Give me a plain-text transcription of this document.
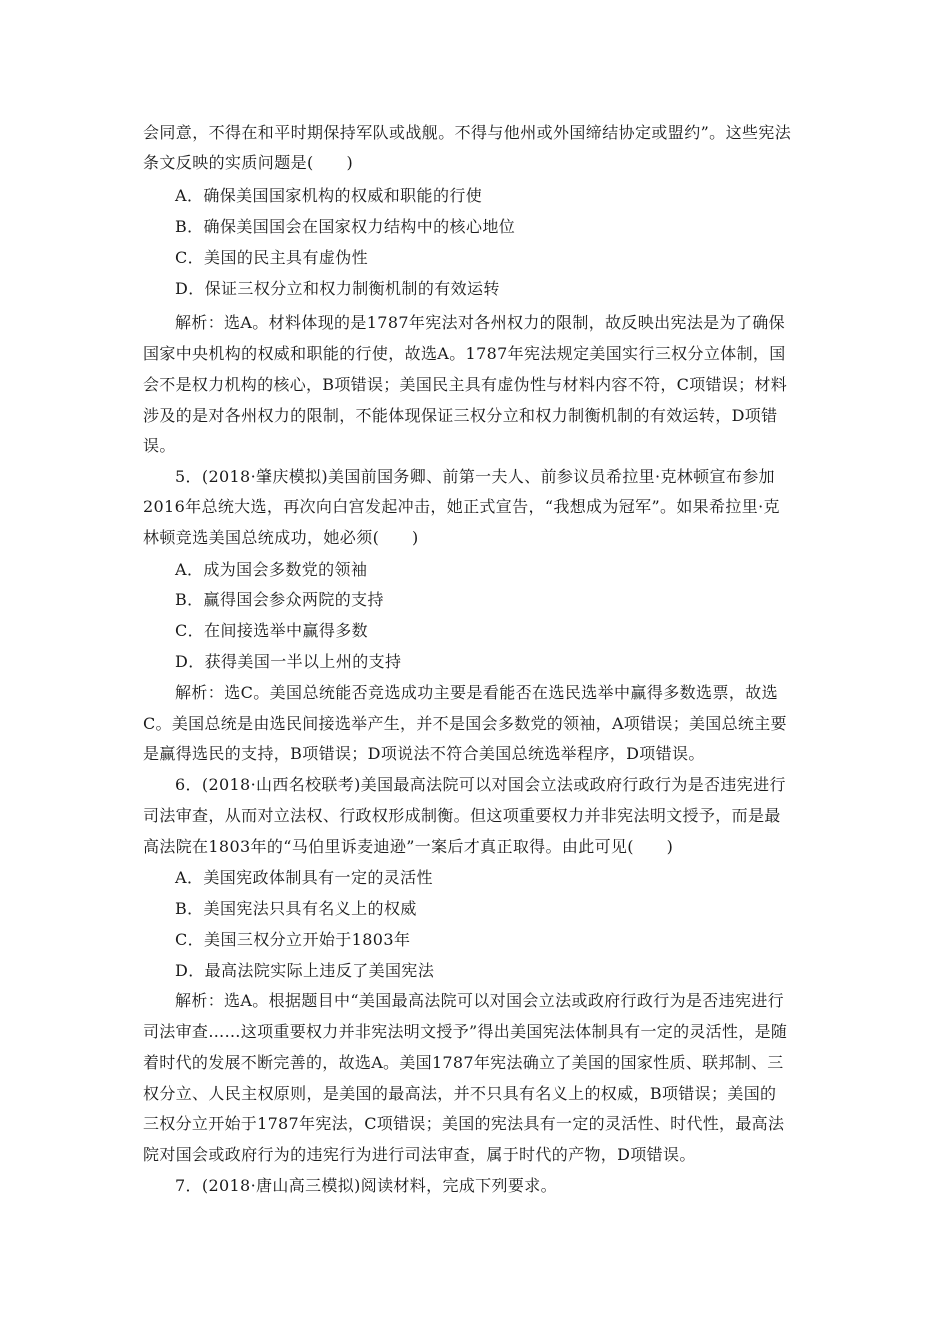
会同意，不得在和平时期保持军队或战舰。不得与他州或外国缔结协定或盟约”。这些宪法
条文反映的实质问题是(　　)
A．确保美国国家机构的权威和职能的行使
B．确保美国国会在国家权力结构中的核心地位
C．美国的民主具有虚伪性
D．保证三权分立和权力制衡机制的有效运转
解析：选A。材料体现的是1787年宪法对各州权力的限制，故反映出宪法是为了确保
国家中央机构的权威和职能的行使，故选A。1787年宪法规定美国实行三权分立体制，国
会不是权力机构的核心，B项错误；美国民主具有虚伪性与材料内容不符，C项错误；材料
涉及的是对各州权力的限制，不能体现保证三权分立和权力制衡机制的有效运转，D项错
误。
5．(2018·肇庆模拟)美国前国务卿、前第一夫人、前参议员希拉里·克林顿宣布参加
2016年总统大选，再次向白宫发起冲击，她正式宣告，“我想成为冠军”。如果希拉里·克
林顿竞选美国总统成功，她必须(　　)
A．成为国会多数党的领袖
B．赢得国会参众两院的支持
C．在间接选举中赢得多数
D．获得美国一半以上州的支持
解析：选C。美国总统能否竞选成功主要是看能否在选民选举中赢得多数选票，故选
C。美国总统是由选民间接选举产生，并不是国会多数党的领袖，A项错误；美国总统主要
是赢得选民的支持，B项错误；D项说法不符合美国总统选举程序，D项错误。
6．(2018·山西名校联考)美国最高法院可以对国会立法或政府行政行为是否违宪进行
司法审查，从而对立法权、行政权形成制衡。但这项重要权力并非宪法明文授予，而是最
高法院在1803年的“马伯里诉麦迪逊”一案后才真正取得。由此可见(　　)
A．美国宪政体制具有一定的灵活性
B．美国宪法只具有名义上的权威
C．美国三权分立开始于1803年
D．最高法院实际上违反了美国宪法
解析：选A。根据题目中“美国最高法院可以对国会立法或政府行政行为是否违宪进行
司法审查……这项重要权力并非宪法明文授予”得出美国宪法体制具有一定的灵活性，是随
着时代的发展不断完善的，故选A。美国1787年宪法确立了美国的国家性质、联邦制、三
权分立、人民主权原则，是美国的最高法，并不只具有名义上的权威，B项错误；美国的
三权分立开始于1787年宪法，C项错误；美国的宪法具有一定的灵活性、时代性，最高法
院对国会或政府行为的违宪行为进行司法审查，属于时代的产物，D项错误。
7．(2018·唐山高三模拟)阅读材料，完成下列要求。
